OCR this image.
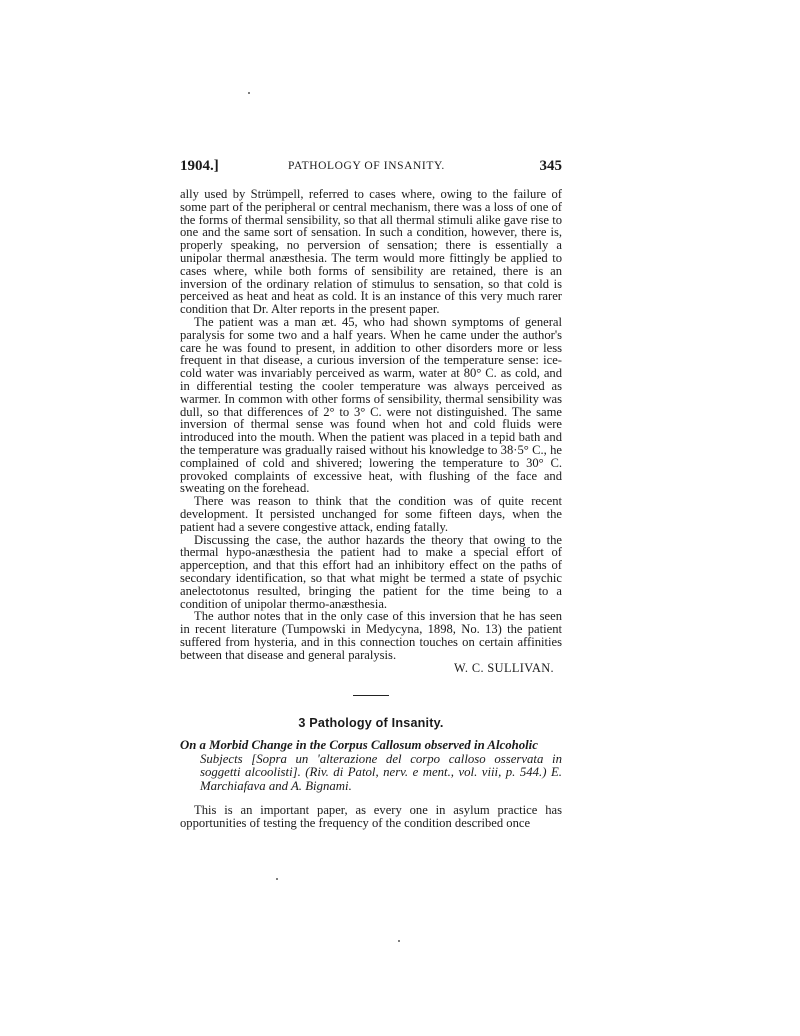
1904.]	PATHOLOGY OF INSANITY.	345

ally used by Strümpell, referred to cases where, owing to the failure of some part of the peripheral or central mechanism, there was a loss of one of the forms of thermal sensibility, so that all thermal stimuli alike gave rise to one and the same sort of sensation. In such a condition, however, there is, properly speaking, no perversion of sensation; there is essentially a unipolar thermal anæsthesia. The term would more fittingly be applied to cases where, while both forms of sensibility are retained, there is an inversion of the ordinary relation of stimulus to sensation, so that cold is perceived as heat and heat as cold. It is an instance of this very much rarer condition that Dr. Alter reports in the present paper.

The patient was a man æt. 45, who had shown symptoms of general paralysis for some two and a half years. When he came under the author's care he was found to present, in addition to other disorders more or less frequent in that disease, a curious inversion of the temperature sense: ice-cold water was invariably perceived as warm, water at 80° C. as cold, and in differential testing the cooler temperature was always perceived as warmer. In common with other forms of sensibility, thermal sensibility was dull, so that differences of 2° to 3° C. were not distinguished. The same inversion of thermal sense was found when hot and cold fluids were introduced into the mouth. When the patient was placed in a tepid bath and the temperature was gradually raised without his knowledge to 38·5° C., he complained of cold and shivered; lowering the temperature to 30° C. provoked complaints of excessive heat, with flushing of the face and sweating on the forehead.

There was reason to think that the condition was of quite recent development. It persisted unchanged for some fifteen days, when the patient had a severe congestive attack, ending fatally.

Discussing the case, the author hazards the theory that owing to the thermal hypo-anæsthesia the patient had to make a special effort of apperception, and that this effort had an inhibitory effect on the paths of secondary identification, so that what might be termed a state of psychic anelectotonus resulted, bringing the patient for the time being to a condition of unipolar thermo-anæsthesia.

The author notes that in the only case of this inversion that he has seen in recent literature (Tumpowski in Medycyna, 1898, No. 13) the patient suffered from hysteria, and in this connection touches on certain affinities between that disease and general paralysis.

W. C. SULLIVAN.
3 Pathology of Insanity.
On a Morbid Change in the Corpus Callosum observed in Alcoholic
Subjects [Sopra un 'alterazione del corpo calloso osservata in soggetti alcoolisti]. (Riv. di Patol, nerv. e ment., vol. viii, p. 544.) E. Marchiafava and A. Bignami.

This is an important paper, as every one in asylum practice has opportunities of testing the frequency of the condition described once
